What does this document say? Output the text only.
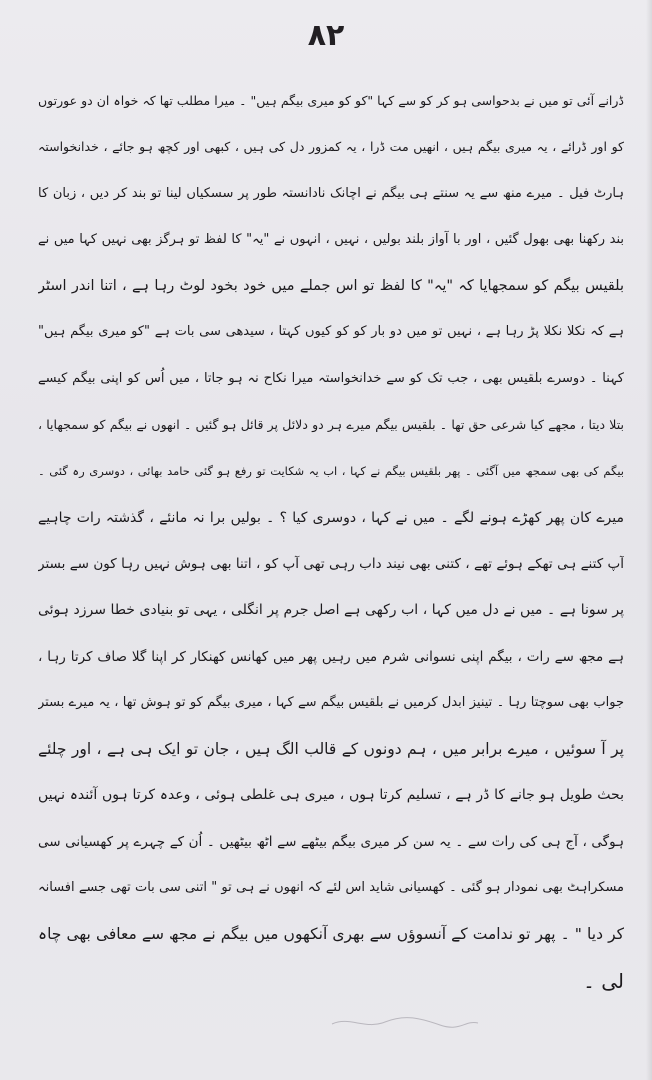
۸۲
ڈرانے آئی تو میں نے بدحواسی ہو کر کو سے کہا "کو کو میری بیگم ہیں" ۔ میرا مطلب تھا کہ خواہ ان دو عورتوں
کو اور ڈرائے ، یہ میری بیگم ہیں ، انھیں مت ڈرا ، یہ کمزور دل کی ہیں ، کبھی اور کچھ ہو جائے ، خدانخواستہ
ہارٹ فیل ۔ میرے منھ سے یہ سنتے ہی بیگم نے اچانک نادانستہ طور پر سسکیاں لینا تو بند کر دیں ، زبان کا
بند رکھنا بھی بھول گئیں ، اور با آواز بلند بولیں ، نہیں ، انہوں نے "یہ" کا لفظ تو ہرگز بھی نہیں کہا میں نے
بلقیس بیگم کو سمجھایا کہ "یہ" کا لفظ تو اس جملے میں خود بخود لوٹ رہا ہے ، اتنا اندر اسٹر
ہے کہ نکلا نکلا پڑ رہا ہے ، نہیں تو میں دو بار کو کو کیوں کہتا ، سیدھی سی بات ہے "کو میری بیگم ہیں"
کہنا ۔ دوسرے بلقیس بھی ، جب تک کو سے خدانخواستہ میرا نکاح نہ ہو جاتا ، میں اُس کو اپنی بیگم کیسے
بتلا دیتا ، مجھے کیا شرعی حق تھا ۔ بلقیس بیگم میرے ہر دو دلائل پر قائل ہو گئیں ۔ انھوں نے بیگم کو سمجھایا ،
بیگم کی بھی سمجھ میں آگئی ۔ پھر بلقیس بیگم نے کہا ، اب یہ شکایت تو رفع ہو گئی حامد بھائی ، دوسری رہ گئی ۔
میرے کان پھر کھڑے ہونے لگے ۔ میں نے کہا ، دوسری کیا ؟ ۔ بولیں برا نہ مانئے ، گذشتہ رات چاہیے
آپ کتنے ہی تھکے ہوئے تھے ، کتنی بھی نیند داب رہی تھی آپ کو ، اتنا بھی ہوش نہیں رہا کون سے بستر
پر سونا ہے ۔ میں نے دل میں کہا ، اب رکھی ہے اصل جرم پر انگلی ، یہی تو بنیادی خطا سرزد ہوئی
ہے مجھ سے رات ، بیگم اپنی نسوانی شرم میں رہیں پھر میں کھانس کھنکار کر اپنا گلا صاف کرتا رہا ،
جواب بھی سوچتا رہا ۔ تینیز ابدل کرمیں نے بلقیس بیگم سے کہا ، میری بیگم کو تو ہوش تھا ، یہ میرے بستر
پر آ سوئیں ، میرے برابر میں ، ہم دونوں کے قالب الگ ہیں ، جان تو ایک ہی ہے ، اور چلئے
بحث طویل ہو جانے کا ڈر ہے ، تسلیم کرتا ہوں ، میری ہی غلطی ہوئی ، وعدہ کرتا ہوں آئندہ نہیں
ہوگی ، آج ہی کی رات سے ۔ یہ سن کر میری بیگم بیٹھے سے اٹھ بیٹھیں ۔ اُن کے چہرے پر کھسیانی سی
مسکراہٹ بھی نمودار ہو گئی ۔ کھسیانی شاید اس لئے کہ انھوں نے ہی تو " اتنی سی بات تھی جسے افسانہ
کر دیا " ۔ پھر تو ندامت کے آنسوؤں سے بھری آنکھوں میں بیگم نے مجھ سے معافی بھی چاہ
لی ۔
